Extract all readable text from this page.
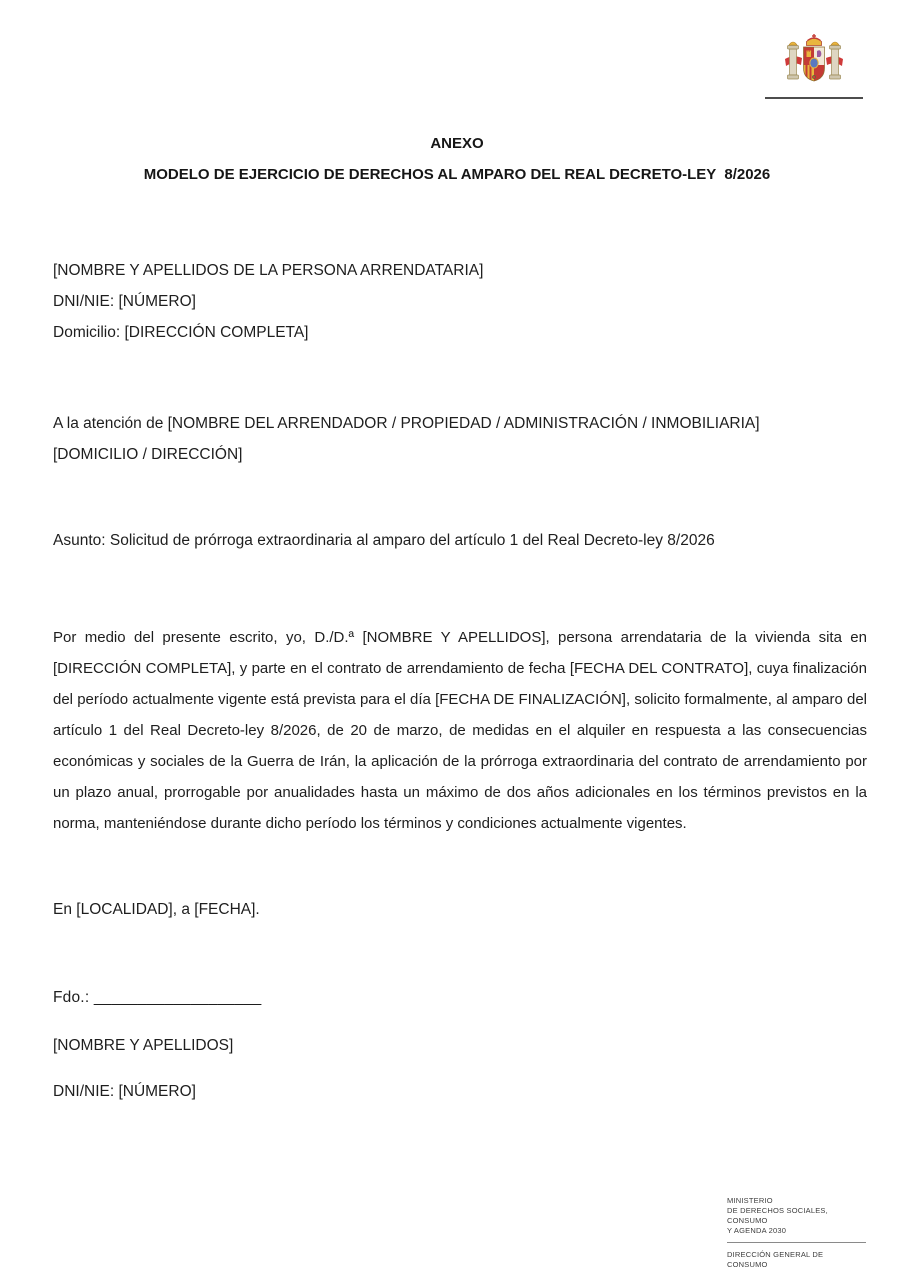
ANEXO
MODELO DE EJERCICIO DE DERECHOS AL AMPARO DEL REAL DECRETO-LEY  8/2026

[NOMBRE Y APELLIDOS DE LA PERSONA ARRENDATARIA]

DNI/NIE: [NÚMERO]

Domicilio: [DIRECCIÓN COMPLETA]

A la atención de [NOMBRE DEL ARRENDADOR / PROPIEDAD / ADMINISTRACIÓN / INMOBILIARIA]

[DOMICILIO / DIRECCIÓN]

Asunto: Solicitud de prórroga extraordinaria al amparo del artículo 1 del Real Decreto-ley 8/2026

Por medio del presente escrito, yo, D./D.ª [NOMBRE Y APELLIDOS], persona arrendataria de la vivienda sita en [DIRECCIÓN COMPLETA], y parte en el contrato de arrendamiento de fecha [FECHA DEL CONTRATO], cuya finalización del período actualmente vigente está prevista para el día [FECHA DE FINALIZACIÓN], solicito formalmente, al amparo del artículo 1 del Real Decreto-ley 8/2026, de 20 de marzo, de medidas en el alquiler en respuesta a las consecuencias económicas y sociales de la Guerra de Irán, la aplicación de la prórroga extraordinaria del contrato de arrendamiento por un plazo anual, prorrogable por anualidades hasta un máximo de dos años adicionales en los términos previstos en la norma, manteniéndose durante dicho período los términos y condiciones actualmente vigentes.

En [LOCALIDAD], a [FECHA].

Fdo.: ___________________

[NOMBRE Y APELLIDOS]

DNI/NIE: [NÚMERO]

MINISTERIO

DE DERECHOS SOCIALES, CONSUMO

Y AGENDA 2030

DIRECCIÓN GENERAL DE

CONSUMO
